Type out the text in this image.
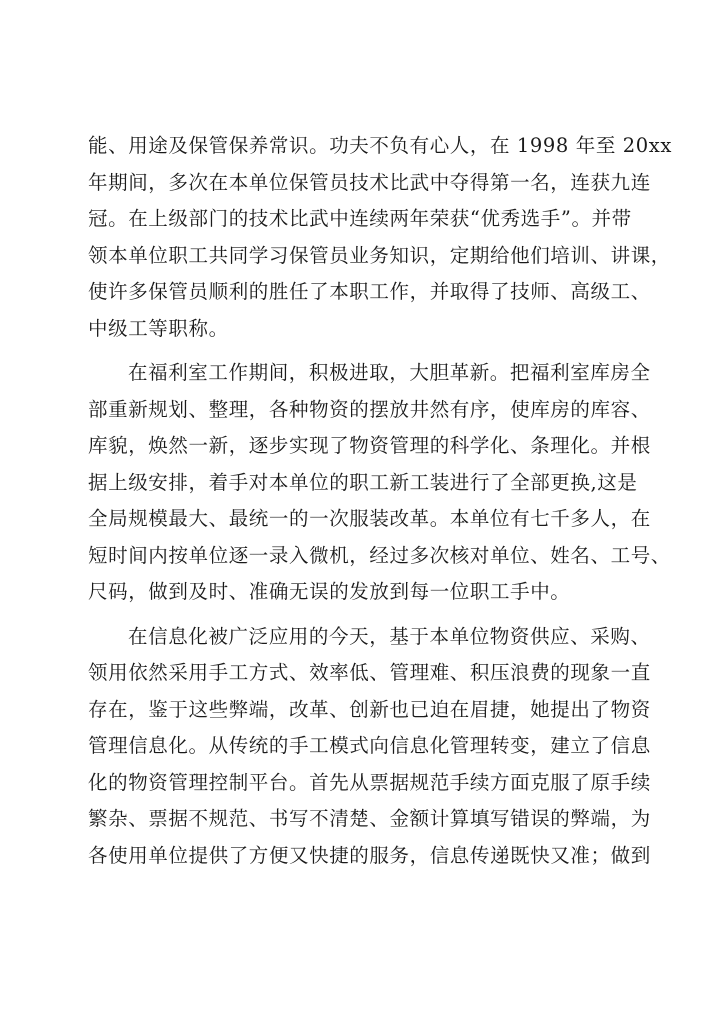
能、用途及保管保养常识。功夫不负有心人，在 1998 年至 20xx
年期间，多次在本单位保管员技术比武中夺得第一名，连获九连
冠。在上级部门的技术比武中连续两年荣获“优秀选手”。并带
领本单位职工共同学习保管员业务知识，定期给他们培训、讲课，
使许多保管员顺利的胜任了本职工作，并取得了技师、高级工、
中级工等职称。
在福利室工作期间，积极进取，大胆革新。把福利室库房全
部重新规划、整理，各种物资的摆放井然有序，使库房的库容、
库貌，焕然一新，逐步实现了物资管理的科学化、条理化。并根
据上级安排，着手对本单位的职工新工装进行了全部更换,这是
全局规模最大、最统一的一次服装改革。本单位有七千多人，在
短时间内按单位逐一录入微机，经过多次核对单位、姓名、工号、
尺码，做到及时、准确无误的发放到每一位职工手中。
在信息化被广泛应用的今天，基于本单位物资供应、采购、
领用依然采用手工方式、效率低、管理难、积压浪费的现象一直
存在，鉴于这些弊端，改革、创新也已迫在眉捷，她提出了物资
管理信息化。从传统的手工模式向信息化管理转变，建立了信息
化的物资管理控制平台。首先从票据规范手续方面克服了原手续
繁杂、票据不规范、书写不清楚、金额计算填写错误的弊端，为
各使用单位提供了方便又快捷的服务，信息传递既快又准；做到
